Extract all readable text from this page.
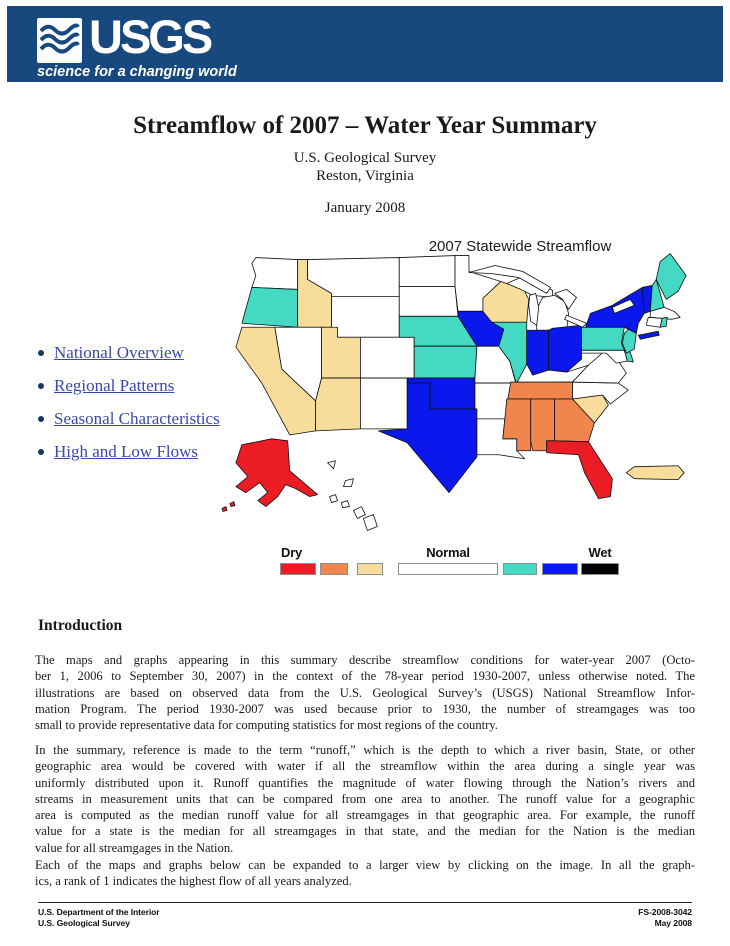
USGS
science for a changing world
Streamflow of 2007 – Water Year Summary
U.S. Geological Survey
Reston, Virginia
January 2008
National Overview
Regional Patterns
Seasonal Characteristics
High and Low Flows
2007 Statewide Streamflow
Dry	Normal	Wet
Introduction
The maps and graphs appearing in this summary describe streamflow conditions for water-year 2007 (Octo-
ber 1, 2006 to September 30, 2007) in the context of the 78-year period 1930-2007, unless otherwise noted. The
illustrations are based on observed data from the U.S. Geological Survey’s (USGS) National Streamflow Infor-
mation Program. The period 1930-2007 was used because prior to 1930, the number of streamgages was too
small to provide representative data for computing statistics for most regions of the country.
In the summary, reference is made to the term “runoff,” which is the depth to which a river basin, State, or other
geographic area would be covered with water if all the streamflow within the area during a single year was
uniformly distributed upon it. Runoff quantifies the magnitude of water flowing through the Nation’s rivers and
streams in measurement units that can be compared from one area to another. The runoff value for a geographic
area is computed as the median runoff value for all streamgages in that geographic area. For example, the runoff
value for a state is the median for all streamgages in that state, and the median for the Nation is the median
value for all streamgages in the Nation.
Each of the maps and graphs below can be expanded to a larger view by clicking on the image. In all the graph-
ics, a rank of 1 indicates the highest flow of all years analyzed.
U.S. Department of the Interior
U.S. Geological Survey
FS-2008-3042
May 2008
